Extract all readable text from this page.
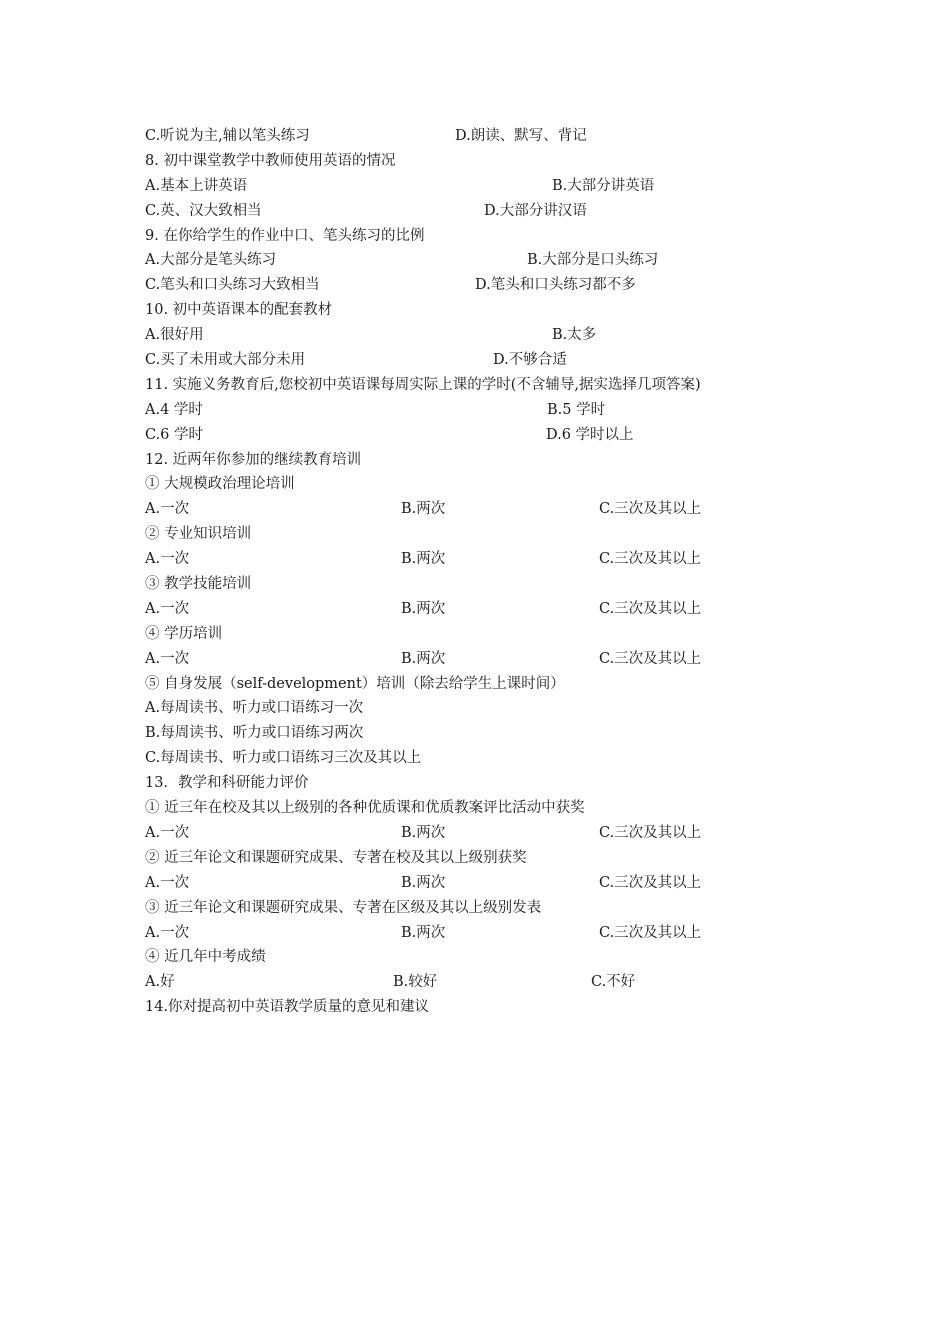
C.听说为主,辅以笔头练习	D.朗读、默写、背记
8. 初中课堂教学中教师使用英语的情况
A.基本上讲英语	B.大部分讲英语
C.英、汉大致相当	D.大部分讲汉语
9. 在你给学生的作业中口、笔头练习的比例
A.大部分是笔头练习	B.大部分是口头练习
C.笔头和口头练习大致相当	D.笔头和口头练习都不多
10. 初中英语课本的配套教材
A.很好用	B.太多
C.买了未用或大部分未用	D.不够合适
11. 实施义务教育后,您校初中英语课每周实际上课的学时(不含辅导,据实选择几项答案)
A.4 学时	B.5 学时
C.6 学时	D.6 学时以上
12. 近两年你参加的继续教育培训
① 大规模政治理论培训
A.一次	B.两次	C.三次及其以上
② 专业知识培训
A.一次	B.两次	C.三次及其以上
③ 教学技能培训
A.一次	B.两次	C.三次及其以上
④ 学历培训
A.一次	B.两次	C.三次及其以上
⑤ 自身发展（self-development）培训（除去给学生上课时间）
A.每周读书、听力或口语练习一次
B.每周读书、听力或口语练习两次
C.每周读书、听力或口语练习三次及其以上
13．教学和科研能力评价
① 近三年在校及其以上级别的各种优质课和优质教案评比活动中获奖
A.一次	B.两次	C.三次及其以上
② 近三年论文和课题研究成果、专著在校及其以上级别获奖
A.一次	B.两次	C.三次及其以上
③ 近三年论文和课题研究成果、专著在区级及其以上级别发表
A.一次	B.两次	C.三次及其以上
④ 近几年中考成绩
A.好	B.较好	C.不好
14.你对提高初中英语教学质量的意见和建议
